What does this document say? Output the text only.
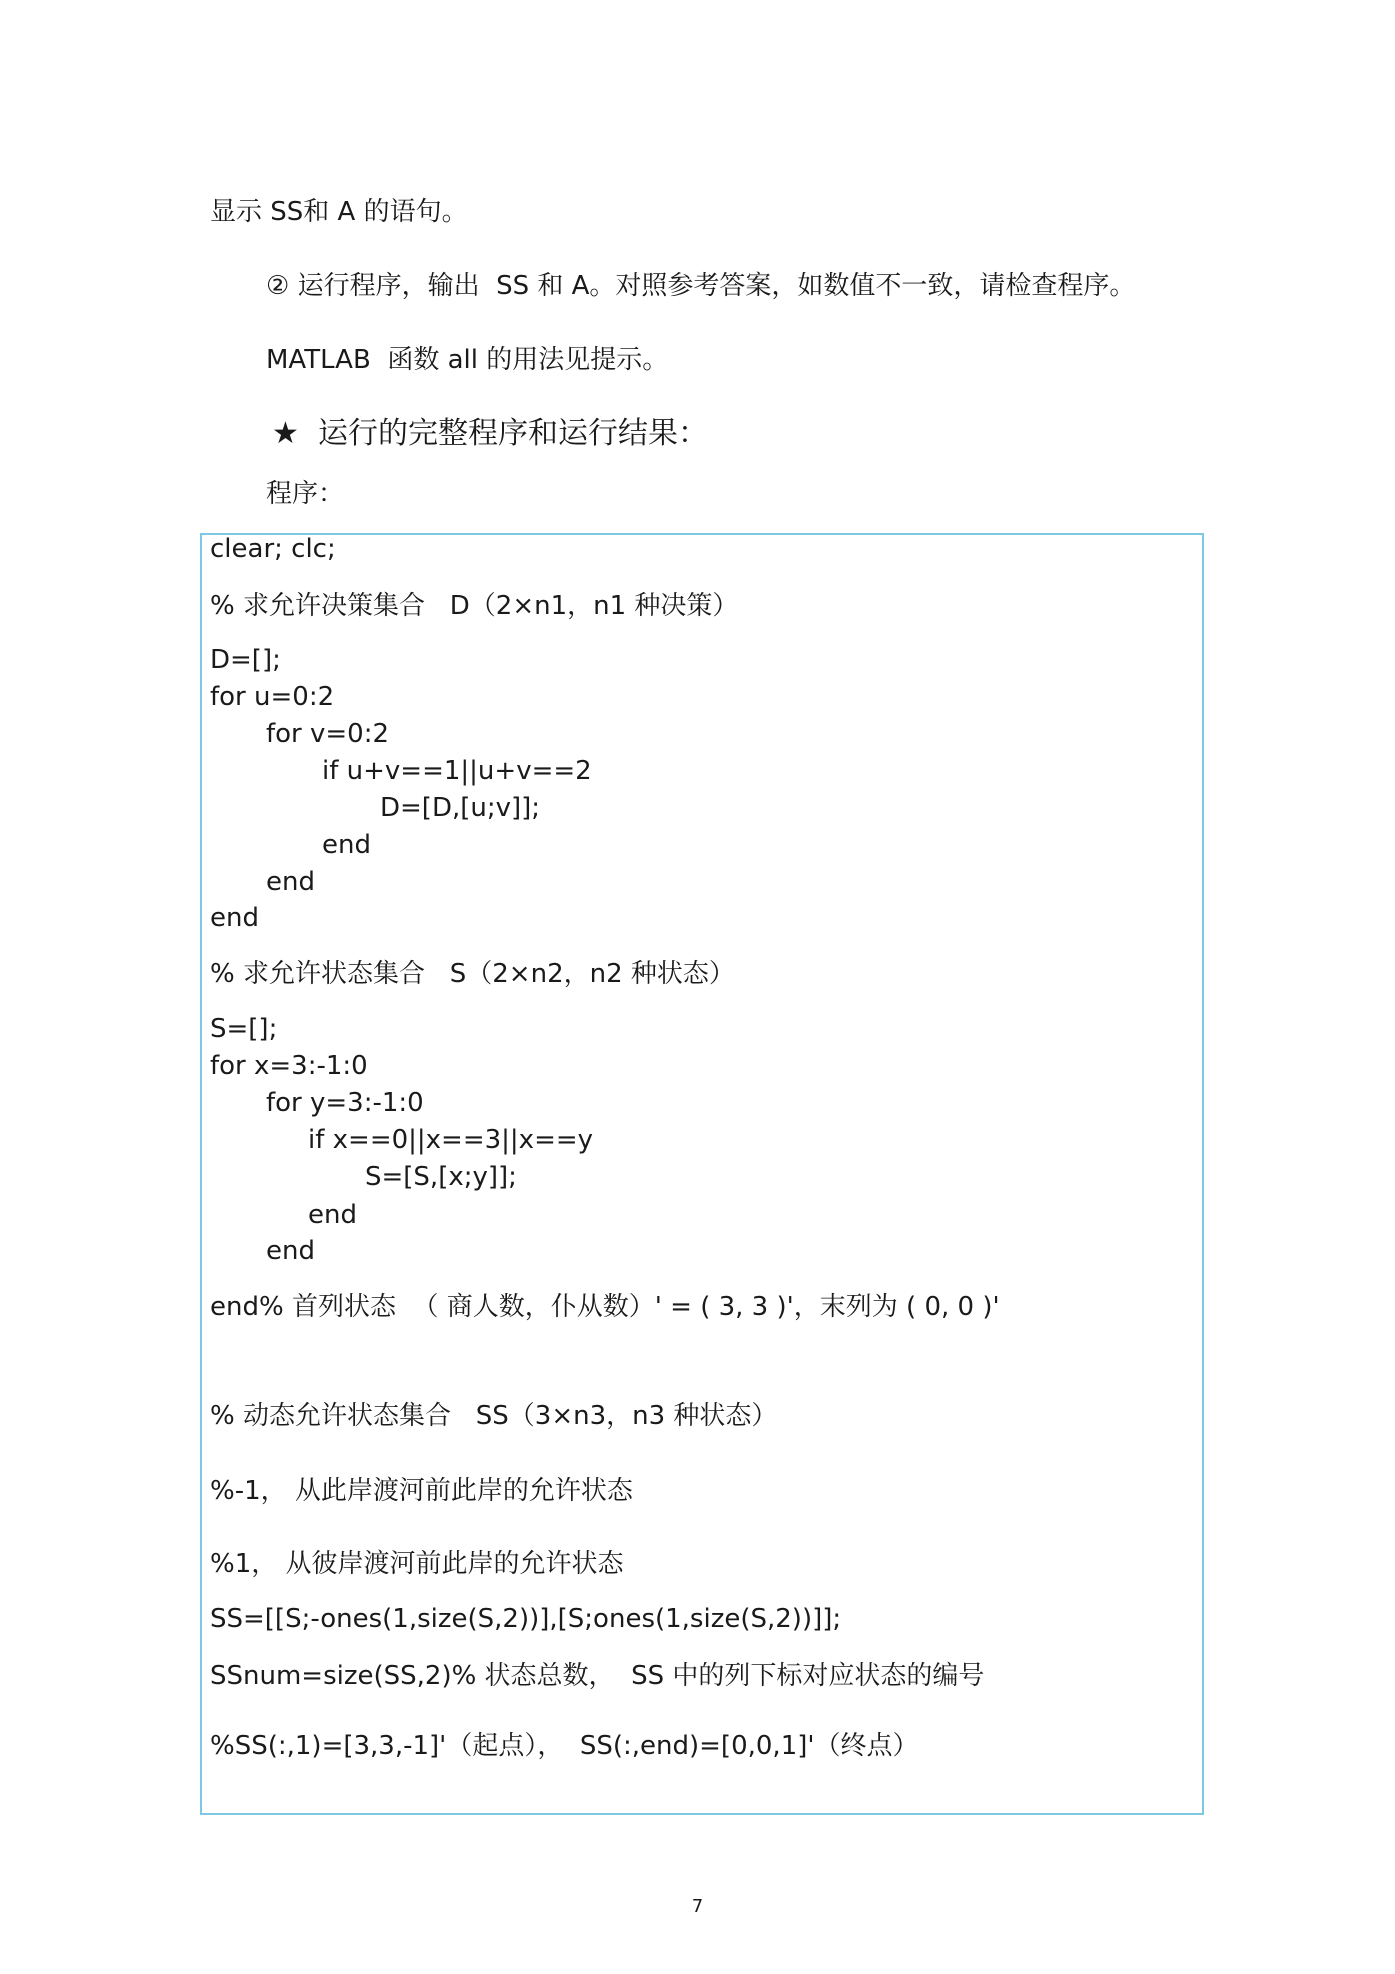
显示 SS和 A 的语句。
② 运行程序，输出  SS 和 A。对照参考答案，如数值不一致，请检查程序。
MATLAB  函数 all 的用法见提示。
★  运行的完整程序和运行结果：
程序：
clear; clc;
% 求允许决策集合   D（2×n1，n1 种决策）
D=[];
for u=0:2
for v=0:2
if u+v==1||u+v==2
D=[D,[u;v]];
end
end
end
% 求允许状态集合   S（2×n2，n2 种状态）
S=[];
for x=3:-1:0
for y=3:-1:0
if x==0||x==3||x==y
S=[S,[x;y]];
end
end
end% 首列状态  （ 商人数，仆从数）' = ( 3, 3 )'，末列为 ( 0, 0 )'
% 动态允许状态集合   SS（3×n3，n3 种状态）
%-1， 从此岸渡河前此岸的允许状态
%1， 从彼岸渡河前此岸的允许状态
SS=[[S;-ones(1,size(S,2))],[S;ones(1,size(S,2))]];
SSnum=size(SS,2)% 状态总数，  SS 中的列下标对应状态的编号
%SS(:,1)=[3,3,-1]'（起点），  SS(:,end)=[0,0,1]'（终点）
7
